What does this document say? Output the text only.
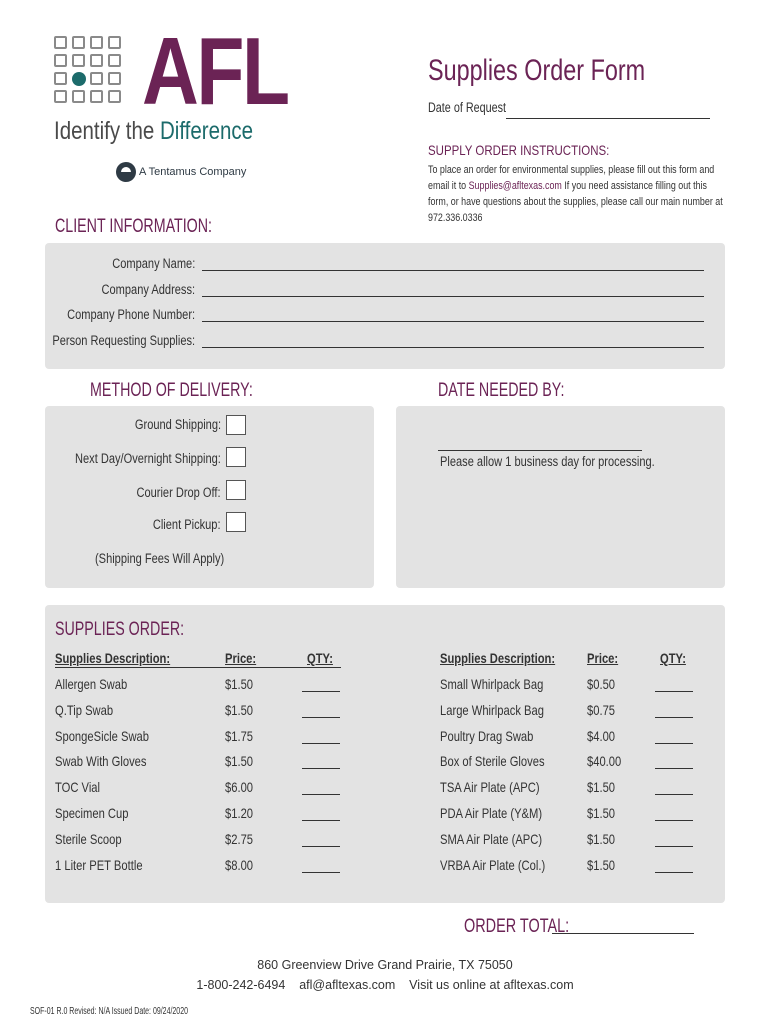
AFL
Identify the Difference
A Tentamus Company
Supplies Order Form
Date of Request
SUPPLY ORDER INSTRUCTIONS:
To place an order for environmental supplies, please fill out this form and email it to Supplies@afltexas.com If you need assistance filling out this form, or have questions about the supplies, please call our main number at 972.336.0336
CLIENT INFORMATION:
Company Name:
Company Address:
Company Phone Number:
Person Requesting Supplies:
METHOD OF DELIVERY:
Ground Shipping:
Next Day/Overnight Shipping:
Courier Drop Off:
Client Pickup:
(Shipping Fees Will Apply)
DATE NEEDED BY:
Please allow 1 business day for processing.
SUPPLIES ORDER:
Supplies Description:	Price:	QTY:	Supplies Description: Price:	QTY:
Allergen Swab	$1.50
Q.Tip Swab	$1.50
SpongeSicle Swab	$1.75
Swab With Gloves	$1.50
TOC Vial	$6.00
Specimen Cup	$1.20
Sterile Scoop	$2.75
1 Liter PET Bottle	$8.00
Small Whirlpack Bag	$0.50
Large Whirlpack Bag	$0.75
Poultry Drag Swab	$4.00
Box of Sterile Gloves	$40.00
TSA Air Plate (APC)	$1.50
PDA Air Plate (Y&M)	$1.50
SMA Air Plate (APC)	$1.50
VRBA Air Plate (Col.)	$1.50
ORDER TOTAL:
860 Greenview Drive Grand Prairie, TX 75050
1-800-242-6494    afl@afltexas.com    Visit us online at afltexas.com
SOF-01 R.0 Revised: N/A Issued Date: 09/24/2020
